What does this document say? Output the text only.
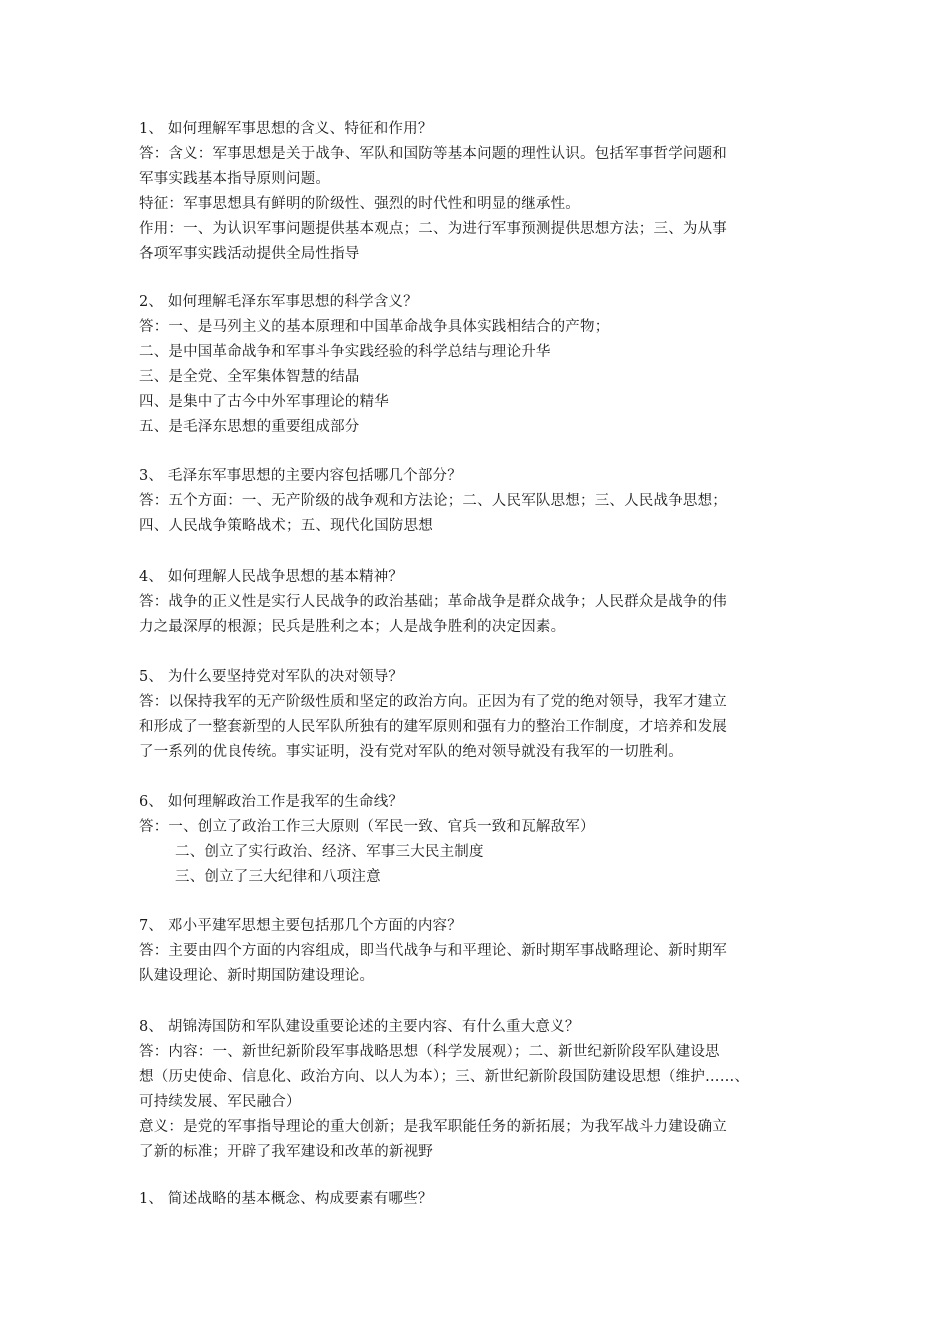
1、 如何理解军事思想的含义、特征和作用？
答：含义：军事思想是关于战争、军队和国防等基本问题的理性认识。包括军事哲学问题和
军事实践基本指导原则问题。
特征：军事思想具有鲜明的阶级性、强烈的时代性和明显的继承性。
作用：一、为认识军事问题提供基本观点；二、为进行军事预测提供思想方法；三、为从事
各项军事实践活动提供全局性指导
2、 如何理解毛泽东军事思想的科学含义？
答：一、是马列主义的基本原理和中国革命战争具体实践相结合的产物；
二、是中国革命战争和军事斗争实践经验的科学总结与理论升华
三、是全党、全军集体智慧的结晶
四、是集中了古今中外军事理论的精华
五、是毛泽东思想的重要组成部分
3、 毛泽东军事思想的主要内容包括哪几个部分？
答：五个方面：一、无产阶级的战争观和方法论；二、人民军队思想；三、人民战争思想；
四、人民战争策略战术；五、现代化国防思想
4、 如何理解人民战争思想的基本精神？
答：战争的正义性是实行人民战争的政治基础；革命战争是群众战争；人民群众是战争的伟
力之最深厚的根源；民兵是胜利之本；人是战争胜利的决定因素。
5、 为什么要坚持党对军队的决对领导？
答：以保持我军的无产阶级性质和坚定的政治方向。正因为有了党的绝对领导，我军才建立
和形成了一整套新型的人民军队所独有的建军原则和强有力的整治工作制度，才培养和发展
了一系列的优良传统。事实证明，没有党对军队的绝对领导就没有我军的一切胜利。
6、 如何理解政治工作是我军的生命线？
答：一、创立了政治工作三大原则（军民一致、官兵一致和瓦解敌军）
二、创立了实行政治、经济、军事三大民主制度
三、创立了三大纪律和八项注意
7、 邓小平建军思想主要包括那几个方面的内容？
答：主要由四个方面的内容组成，即当代战争与和平理论、新时期军事战略理论、新时期军
队建设理论、新时期国防建设理论。
8、 胡锦涛国防和军队建设重要论述的主要内容、有什么重大意义？
答：内容：一、新世纪新阶段军事战略思想（科学发展观）；二、新世纪新阶段军队建设思
想（历史使命、信息化、政治方向、以人为本）；三、新世纪新阶段国防建设思想（维护……、
可持续发展、军民融合）
意义：是党的军事指导理论的重大创新；是我军职能任务的新拓展；为我军战斗力建设确立
了新的标准；开辟了我军建设和改革的新视野
1、 简述战略的基本概念、构成要素有哪些？
